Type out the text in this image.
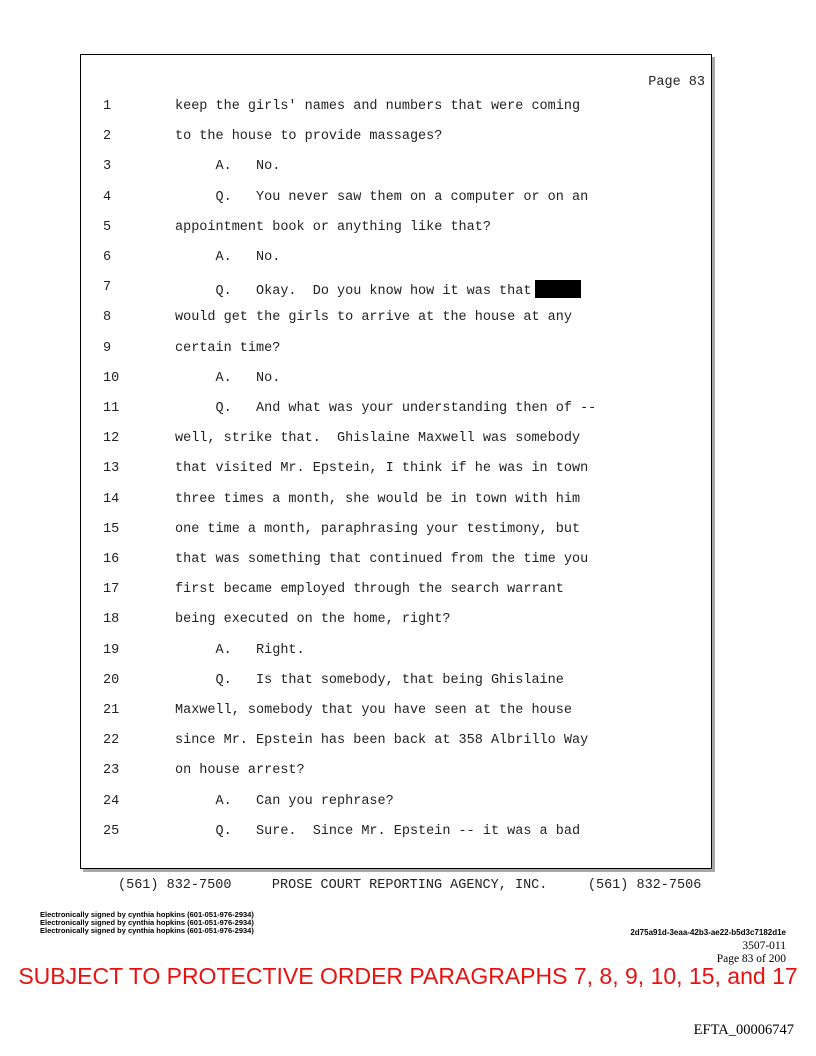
Page 83
1	keep the girls' names and numbers that were coming
2	to the house to provide massages?
3	A.   No.
4	Q.   You never saw them on a computer or on an
5	appointment book or anything like that?
6	A.   No.
7	Q.   Okay.  Do you know how it was that
8	would get the girls to arrive at the house at any
9	certain time?
10	A.   No.
11	Q.   And what was your understanding then of --
12	well, strike that.  Ghislaine Maxwell was somebody
13	that visited Mr. Epstein, I think if he was in town
14	three times a month, she would be in town with him
15	one time a month, paraphrasing your testimony, but
16	that was something that continued from the time you
17	first became employed through the search warrant
18	being executed on the home, right?
19	A.   Right.
20	Q.   Is that somebody, that being Ghislaine
21	Maxwell, somebody that you have seen at the house
22	since Mr. Epstein has been back at 358 Albrillo Way
23	on house arrest?
24	A.   Can you rephrase?
25	Q.   Sure.  Since Mr. Epstein -- it was a bad
(561) 832-7500     PROSE COURT REPORTING AGENCY, INC.     (561) 832-7506
Electronically signed by cynthia hopkins (601-051-976-2934)
Electronically signed by cynthia hopkins (601-051-976-2934)
Electronically signed by cynthia hopkins (601-051-976-2934)	2d75a91d-3eaa-42b3-ae22-b5d3c7182d1e
3507-011
Page 83 of 200
SUBJECT TO PROTECTIVE ORDER PARAGRAPHS 7, 8, 9, 10, 15, and 17
EFTA_00006747
